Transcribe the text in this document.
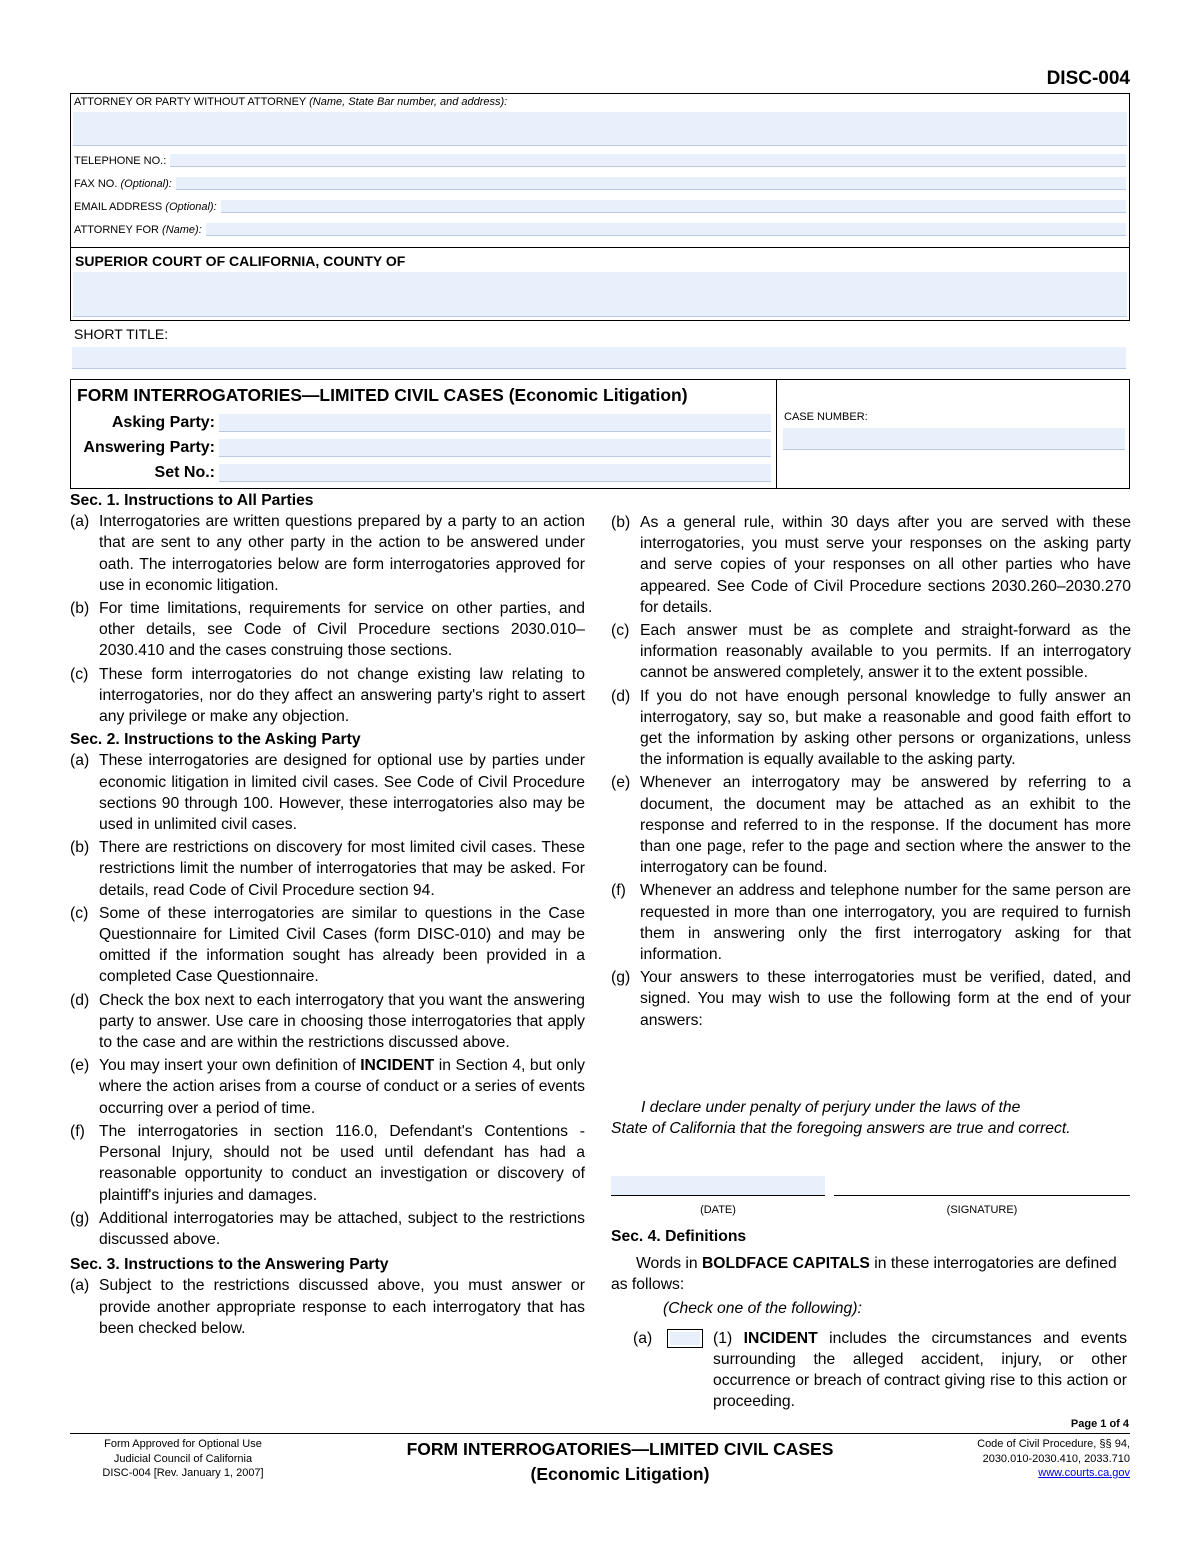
DISC-004
ATTORNEY OR PARTY WITHOUT ATTORNEY (Name, State Bar number, and address):
TELEPHONE NO.:
FAX NO. (Optional):
EMAIL ADDRESS (Optional):
ATTORNEY FOR (Name):
SUPERIOR COURT OF CALIFORNIA, COUNTY OF
SHORT TITLE:
FORM INTERROGATORIES—LIMITED CIVIL CASES (Economic Litigation)
Asking Party:
Answering Party:
Set No.:
CASE NUMBER:
Sec. 1. Instructions to All Parties
(a) Interrogatories are written questions prepared by a party to an action that are sent to any other party in the action to be answered under oath. The interrogatories below are form interrogatories approved for use in economic litigation.
(b) For time limitations, requirements for service on other parties, and other details, see Code of Civil Procedure sections 2030.010–2030.410 and the cases construing those sections.
(c) These form interrogatories do not change existing law relating to interrogatories, nor do they affect an answering party's right to assert any privilege or make any objection.
Sec. 2. Instructions to the Asking Party
(a) These interrogatories are designed for optional use by parties under economic litigation in limited civil cases. See Code of Civil Procedure sections 90 through 100. However, these interrogatories also may be used in unlimited civil cases.
(b) There are restrictions on discovery for most limited civil cases. These restrictions limit the number of interrogatories that may be asked. For details, read Code of Civil Procedure section 94.
(c) Some of these interrogatories are similar to questions in the Case Questionnaire for Limited Civil Cases (form DISC-010) and may be omitted if the information sought has already been provided in a completed Case Questionnaire.
(d) Check the box next to each interrogatory that you want the answering party to answer. Use care in choosing those interrogatories that apply to the case and are within the restrictions discussed above.
(e) You may insert your own definition of INCIDENT in Section 4, but only where the action arises from a course of conduct or a series of events occurring over a period of time.
(f) The interrogatories in section 116.0, Defendant's Contentions - Personal Injury, should not be used until defendant has had a reasonable opportunity to conduct an investigation or discovery of plaintiff's injuries and damages.
(g) Additional interrogatories may be attached, subject to the restrictions discussed above.
Sec. 3. Instructions to the Answering Party
(a) Subject to the restrictions discussed above, you must answer or provide another appropriate response to each interrogatory that has been checked below.
(b) As a general rule, within 30 days after you are served with these interrogatories, you must serve your responses on the asking party and serve copies of your responses on all other parties who have appeared. See Code of Civil Procedure sections 2030.260–2030.270 for details.
(c) Each answer must be as complete and straight-forward as the information reasonably available to you permits. If an interrogatory cannot be answered completely, answer it to the extent possible.
(d) If you do not have enough personal knowledge to fully answer an interrogatory, say so, but make a reasonable and good faith effort to get the information by asking other persons or organizations, unless the information is equally available to the asking party.
(e) Whenever an interrogatory may be answered by referring to a document, the document may be attached as an exhibit to the response and referred to in the response. If the document has more than one page, refer to the page and section where the answer to the interrogatory can be found.
(f) Whenever an address and telephone number for the same person are requested in more than one interrogatory, you are required to furnish them in answering only the first interrogatory asking for that information.
(g) Your answers to these interrogatories must be verified, dated, and signed. You may wish to use the following form at the end of your answers:
I declare under penalty of perjury under the laws of the
State of California that the foregoing answers are true and correct.
(DATE)	(SIGNATURE)
Sec. 4. Definitions
Words in BOLDFACE CAPITALS in these interrogatories are defined as follows:
(Check one of the following):
(a)	(1) INCIDENT includes the circumstances and events surrounding the alleged accident, injury, or other occurrence or breach of contract giving rise to this action or proceeding.
Page 1 of 4
Form Approved for Optional Use
Judicial Council of California
DISC-004 [Rev. January 1, 2007]
FORM INTERROGATORIES—LIMITED CIVIL CASES
(Economic Litigation)
Code of Civil Procedure, §§ 94,
2030.010-2030.410, 2033.710
www.courts.ca.gov
